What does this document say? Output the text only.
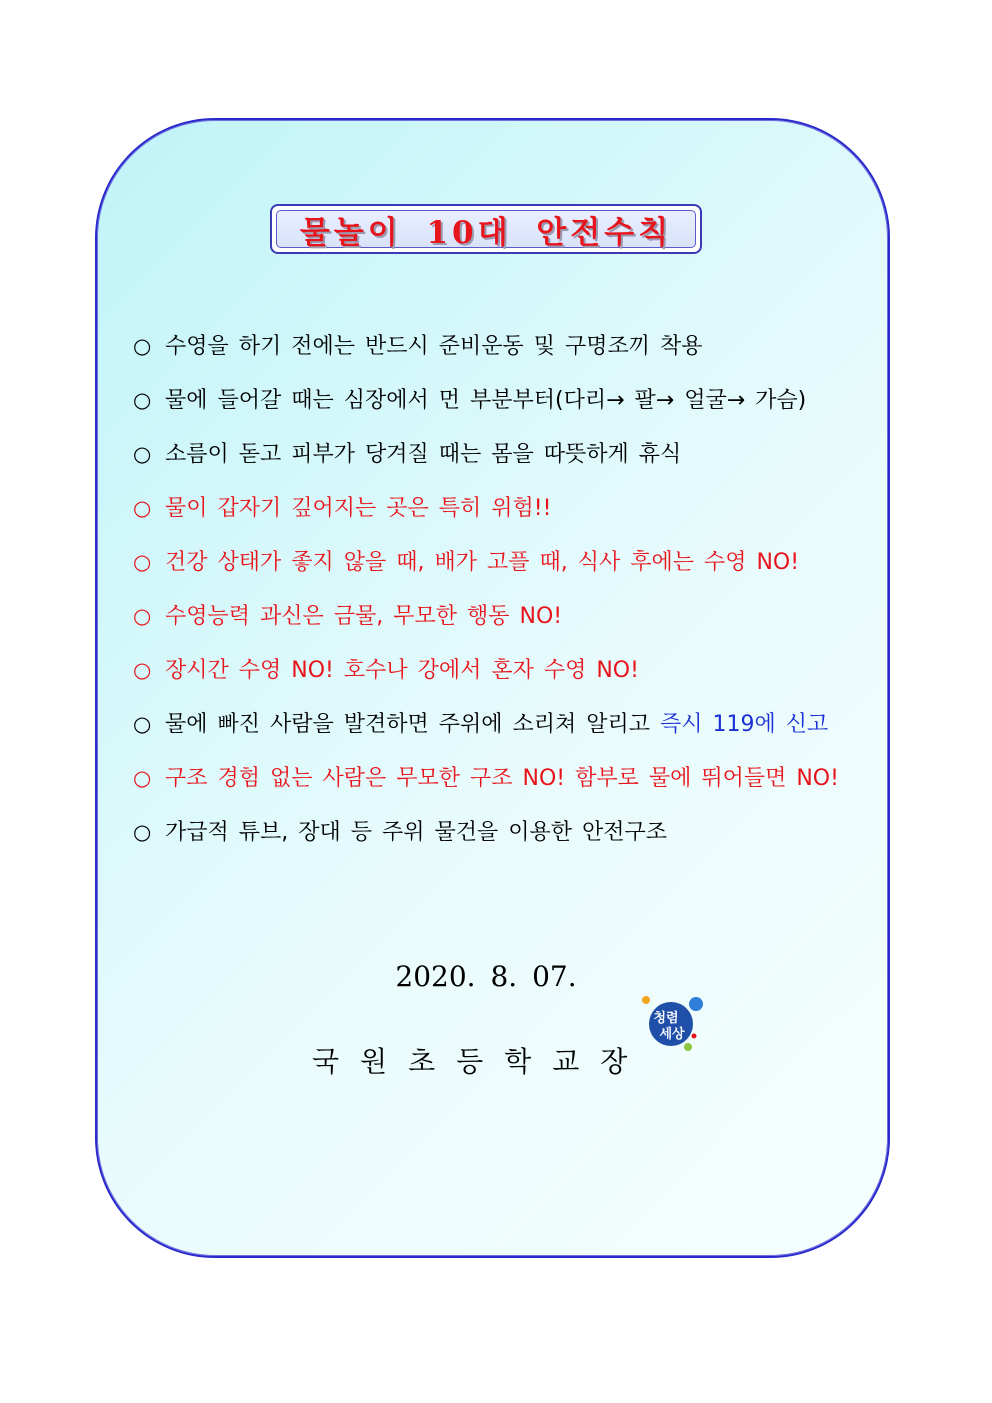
물놀이 10대 안전수칙
○ 수영을 하기 전에는 반드시 준비운동 및 구명조끼 착용
○ 물에 들어갈 때는 심장에서 먼 부분부터(다리→ 팔→ 얼굴→ 가슴)
○ 소름이 돋고 피부가 당겨질 때는 몸을 따뜻하게 휴식
○ 물이 갑자기 깊어지는 곳은 특히 위험!!
○ 건강 상태가 좋지 않을 때, 배가 고플 때, 식사 후에는 수영 NO!
○ 수영능력 과신은 금물, 무모한 행동 NO!
○ 장시간 수영 NO! 호수나 강에서 혼자 수영 NO!
○ 물에 빠진 사람을 발견하면 주위에 소리쳐 알리고 즉시 119에 신고
○ 구조 경험 없는 사람은 무모한 구조 NO! 함부로 물에 뛰어들면 NO!
○ 가급적 튜브, 장대 등 주위 물건을 이용한 안전구조
2020. 8. 07.
국원초등학교장
청렴
세상
